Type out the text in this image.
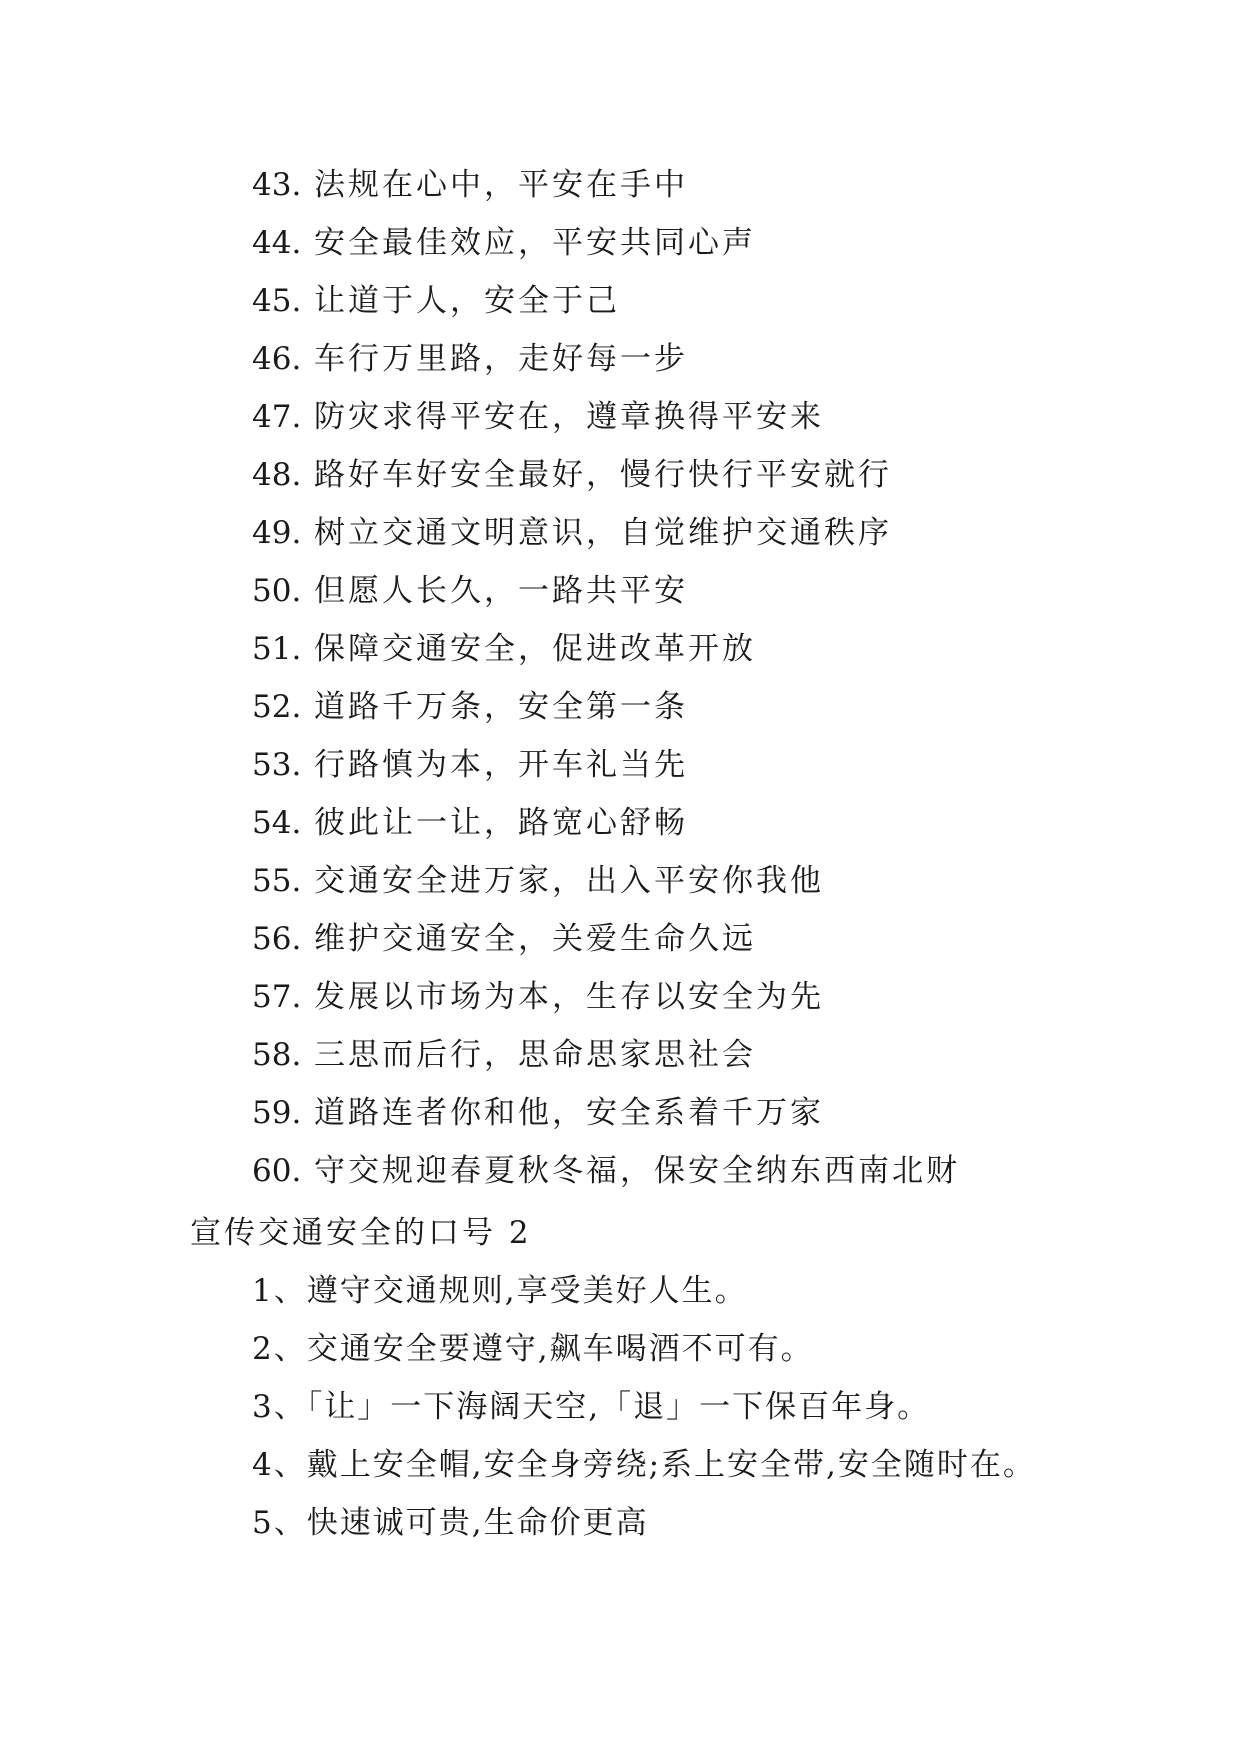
43. 法规在心中，平安在手中
44. 安全最佳效应，平安共同心声
45. 让道于人，安全于己
46. 车行万里路，走好每一步
47. 防灾求得平安在，遵章换得平安来
48. 路好车好安全最好，慢行快行平安就行
49. 树立交通文明意识，自觉维护交通秩序
50. 但愿人长久，一路共平安
51. 保障交通安全，促进改革开放
52. 道路千万条，安全第一条
53. 行路慎为本，开车礼当先
54. 彼此让一让，路宽心舒畅
55. 交通安全进万家，出入平安你我他
56. 维护交通安全，关爱生命久远
57. 发展以市场为本，生存以安全为先
58. 三思而后行，思命思家思社会
59. 道路连者你和他，安全系着千万家
60. 守交规迎春夏秋冬福，保安全纳东西南北财
宣传交通安全的口号 2
1、遵守交通规则,享受美好人生。
2、交通安全要遵守,飙车喝酒不可有。
3、「让」一下海阔天空,「退」一下保百年身。
4、戴上安全帽,安全身旁绕;系上安全带,安全随时在。
5、快速诚可贵,生命价更高
